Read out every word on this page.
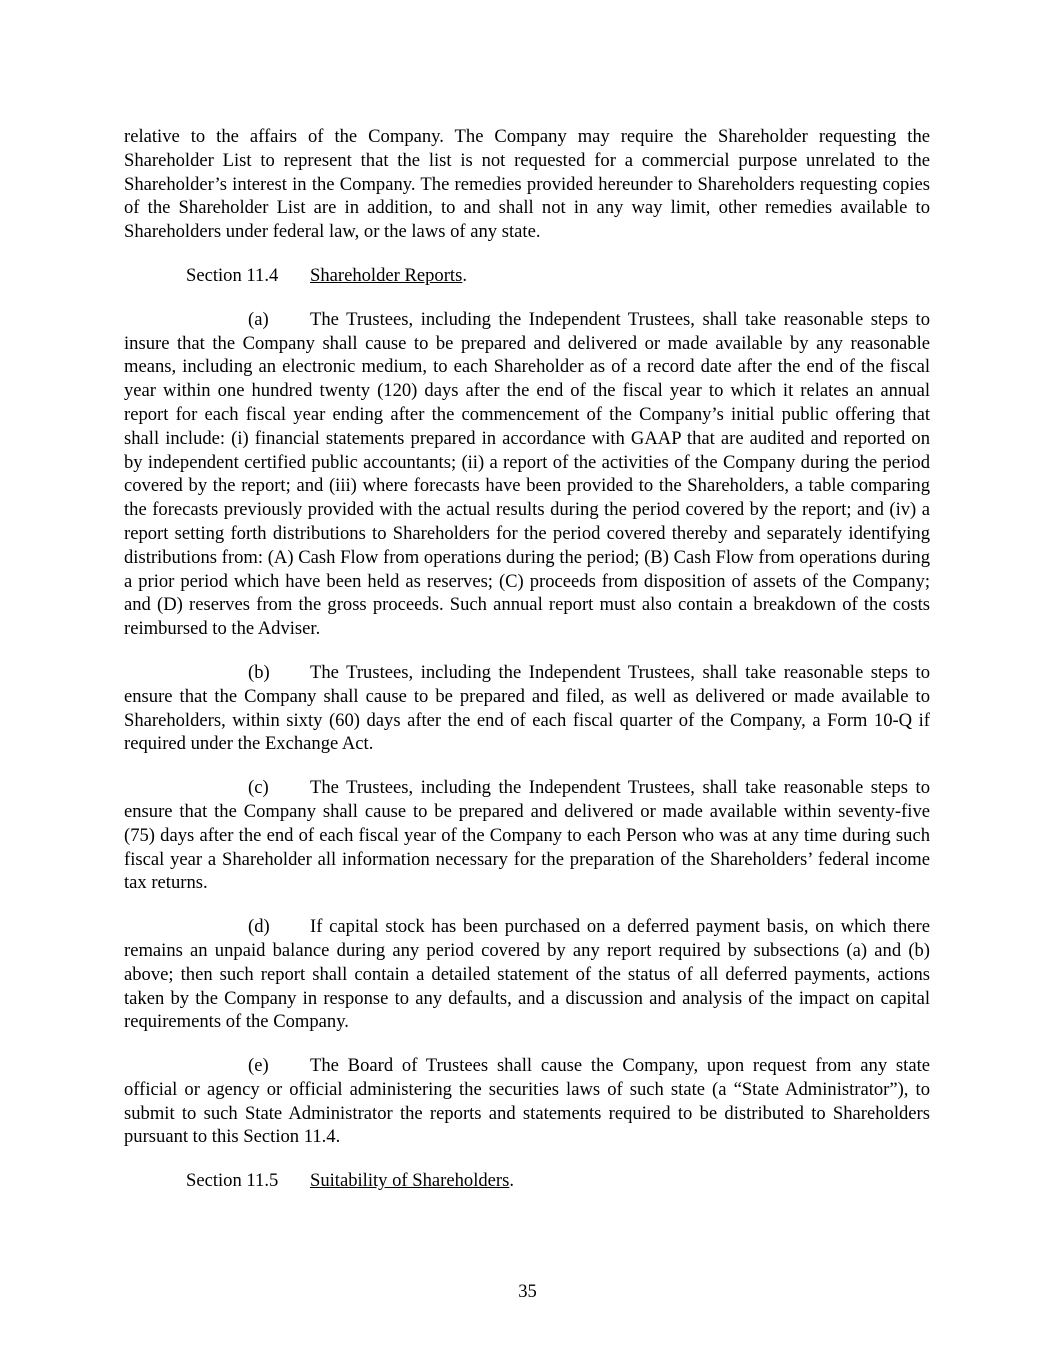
relative to the affairs of the Company. The Company may require the Shareholder requesting the Shareholder List to represent that the list is not requested for a commercial purpose unrelated to the Shareholder’s interest in the Company. The remedies provided hereunder to Shareholders requesting copies of the Shareholder List are in addition, to and shall not in any way limit, other remedies available to Shareholders under federal law, or the laws of any state.

Section 11.4 Shareholder Reports.

(a) The Trustees, including the Independent Trustees, shall take reasonable steps to insure that the Company shall cause to be prepared and delivered or made available by any reasonable means, including an electronic medium, to each Shareholder as of a record date after the end of the fiscal year within one hundred twenty (120) days after the end of the fiscal year to which it relates an annual report for each fiscal year ending after the commencement of the Company’s initial public offering that shall include: (i) financial statements prepared in accordance with GAAP that are audited and reported on by independent certified public accountants; (ii) a report of the activities of the Company during the period covered by the report; and (iii) where forecasts have been provided to the Shareholders, a table comparing the forecasts previously provided with the actual results during the period covered by the report; and (iv) a report setting forth distributions to Shareholders for the period covered thereby and separately identifying distributions from: (A) Cash Flow from operations during the period; (B) Cash Flow from operations during a prior period which have been held as reserves; (C) proceeds from disposition of assets of the Company; and (D) reserves from the gross proceeds. Such annual report must also contain a breakdown of the costs reimbursed to the Adviser.

(b) The Trustees, including the Independent Trustees, shall take reasonable steps to ensure that the Company shall cause to be prepared and filed, as well as delivered or made available to Shareholders, within sixty (60) days after the end of each fiscal quarter of the Company, a Form 10-Q if required under the Exchange Act.

(c) The Trustees, including the Independent Trustees, shall take reasonable steps to ensure that the Company shall cause to be prepared and delivered or made available within seventy-five (75) days after the end of each fiscal year of the Company to each Person who was at any time during such fiscal year a Shareholder all information necessary for the preparation of the Shareholders’ federal income tax returns.

(d) If capital stock has been purchased on a deferred payment basis, on which there remains an unpaid balance during any period covered by any report required by subsections (a) and (b) above; then such report shall contain a detailed statement of the status of all deferred payments, actions taken by the Company in response to any defaults, and a discussion and analysis of the impact on capital requirements of the Company.

(e) The Board of Trustees shall cause the Company, upon request from any state official or agency or official administering the securities laws of such state (a “State Administrator”), to submit to such State Administrator the reports and statements required to be distributed to Shareholders pursuant to this Section 11.4.

Section 11.5 Suitability of Shareholders.
35
